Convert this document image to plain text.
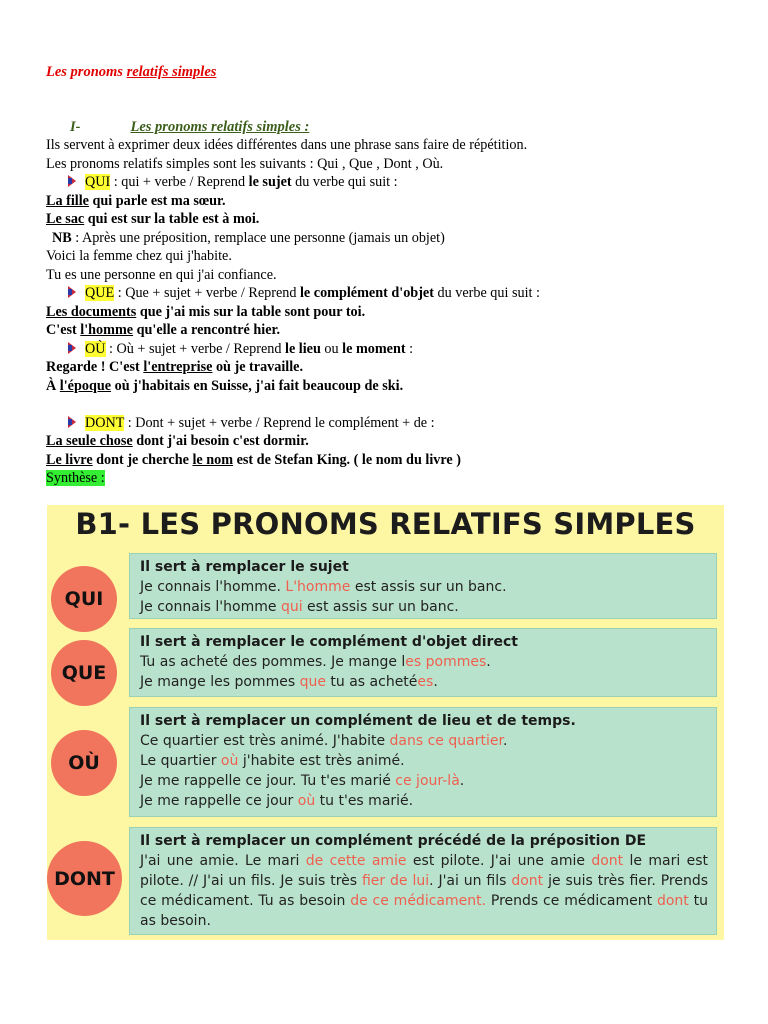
Les pronoms relatifs simples
I-	Les pronoms relatifs simples :
Ils servent à exprimer deux idées différentes dans une phrase sans faire de répétition.
Les pronoms relatifs simples sont les suivants : Qui , Que , Dont , Où.
QUI : qui + verbe / Reprend le sujet du verbe qui suit :
La fille qui parle est ma sœur.
Le sac qui est sur la table est à moi.
NB : Après une préposition, remplace une personne (jamais un objet)
Voici la femme chez qui j'habite.
Tu es une personne en qui j'ai confiance.
QUE : Que + sujet + verbe / Reprend le complément d'objet du verbe qui suit :
Les documents que j'ai mis sur la table sont pour toi.
C'est l'homme qu'elle a rencontré hier.
OÙ : Où + sujet + verbe / Reprend le lieu ou le moment :
Regarde ! C'est l'entreprise où je travaille.
À l'époque où j'habitais en Suisse, j'ai fait beaucoup de ski.
DONT : Dont + sujet + verbe / Reprend le complément + de :
La seule chose dont j'ai besoin c'est dormir.
Le livre dont je cherche le nom est de Stefan King. ( le nom du livre )
Synthèse :
B1- LES PRONOMS RELATIFS SIMPLES
QUI
Il sert à remplacer le sujet
Je connais l'homme. L'homme est assis sur un banc.
Je connais l'homme qui est assis sur un banc.
QUE
Il sert à remplacer le complément d'objet direct
Tu as acheté des pommes. Je mange les pommes.
Je mange les pommes que tu as achetées.
OÙ
Il sert à remplacer un complément de lieu et de temps.
Ce quartier est très animé. J'habite dans ce quartier.
Le quartier où j'habite est très animé.
Je me rappelle ce jour. Tu t'es marié ce jour-là.
Je me rappelle ce jour où tu t'es marié.
DONT
Il sert à remplacer un complément précédé de la préposition DE
J'ai une amie. Le mari de cette amie est pilote. J'ai une amie dont le mari est pilote. // J'ai un fils. Je suis très fier de lui. J'ai un fils dont je suis très fier. Prends ce médicament. Tu as besoin de ce médicament. Prends ce médicament dont tu as besoin.
